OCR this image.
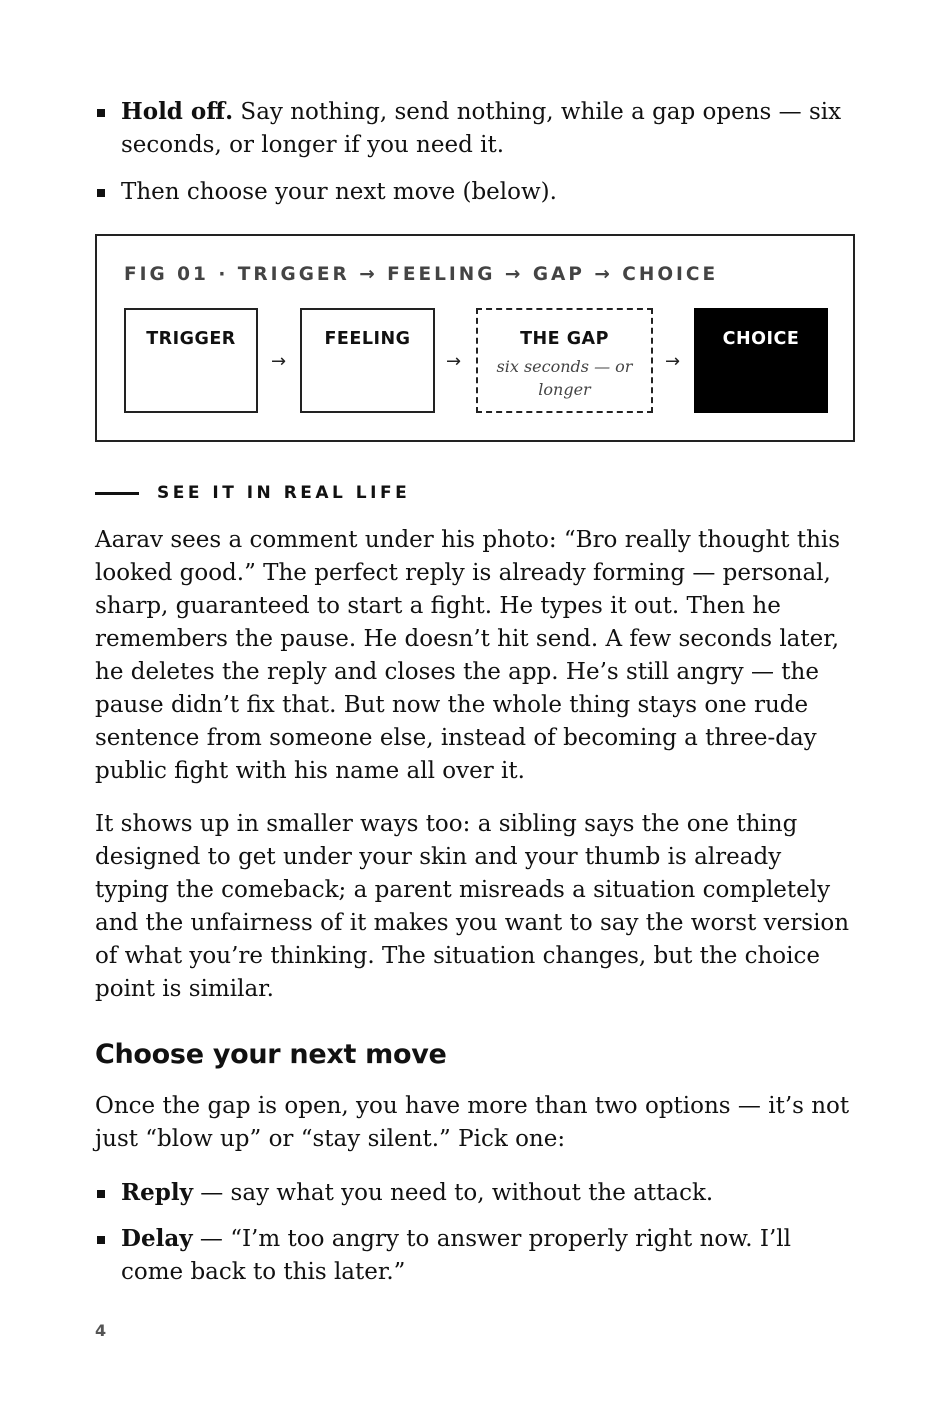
Hold off. Say nothing, send nothing, while a gap opens — six seconds, or longer if you need it.
Then choose your next move (below).
FIG 01 · TRIGGER → FEELING → GAP → CHOICE
TRIGGER
→
FEELING
→
THE GAP
six seconds — or longer
→
CHOICE
SEE IT IN REAL LIFE

Aarav sees a comment under his photo: “Bro really thought this looked good.” The perfect reply is already forming — personal, sharp, guaranteed to start a fight. He types it out. Then he remembers the pause. He doesn’t hit send. A few seconds later, he deletes the reply and closes the app. He’s still angry — the pause didn’t fix that. But now the whole thing stays one rude sentence from someone else, instead of becoming a three-day public fight with his name all over it.

It shows up in smaller ways too: a sibling says the one thing designed to get under your skin and your thumb is already typing the comeback; a parent misreads a situation completely and the unfairness of it makes you want to say the worst version of what you’re thinking. The situation changes, but the choice point is similar.

Choose your next move

Once the gap is open, you have more than two options — it’s not just “blow up” or “stay silent.” Pick one:

Reply — say what you need to, without the attack.
Delay — “I’m too angry to answer properly right now. I’ll come back to this later.”
4
